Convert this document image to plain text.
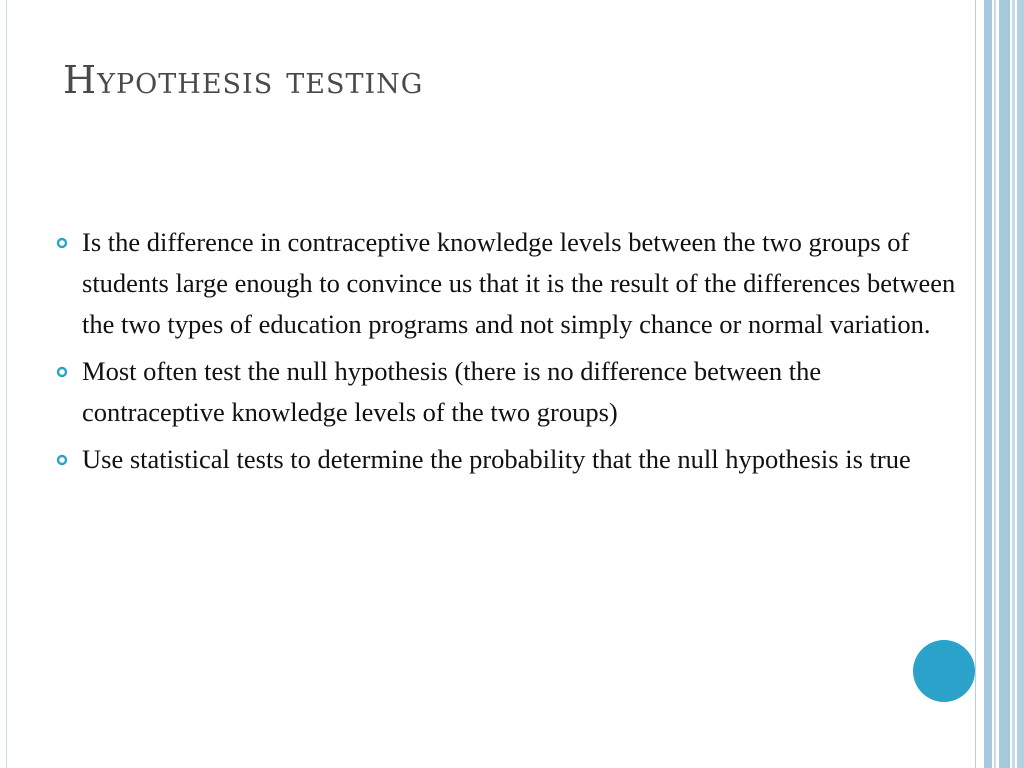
Hypothesis testing
Is the difference in contraceptive knowledge levels between the two groups of students large enough to convince us that it is the result of the differences between the two types of education programs and not simply chance or normal variation.
Most often test the null hypothesis (there is no difference between the contraceptive knowledge levels of the two groups)
Use statistical tests to determine the probability that the null hypothesis is true
